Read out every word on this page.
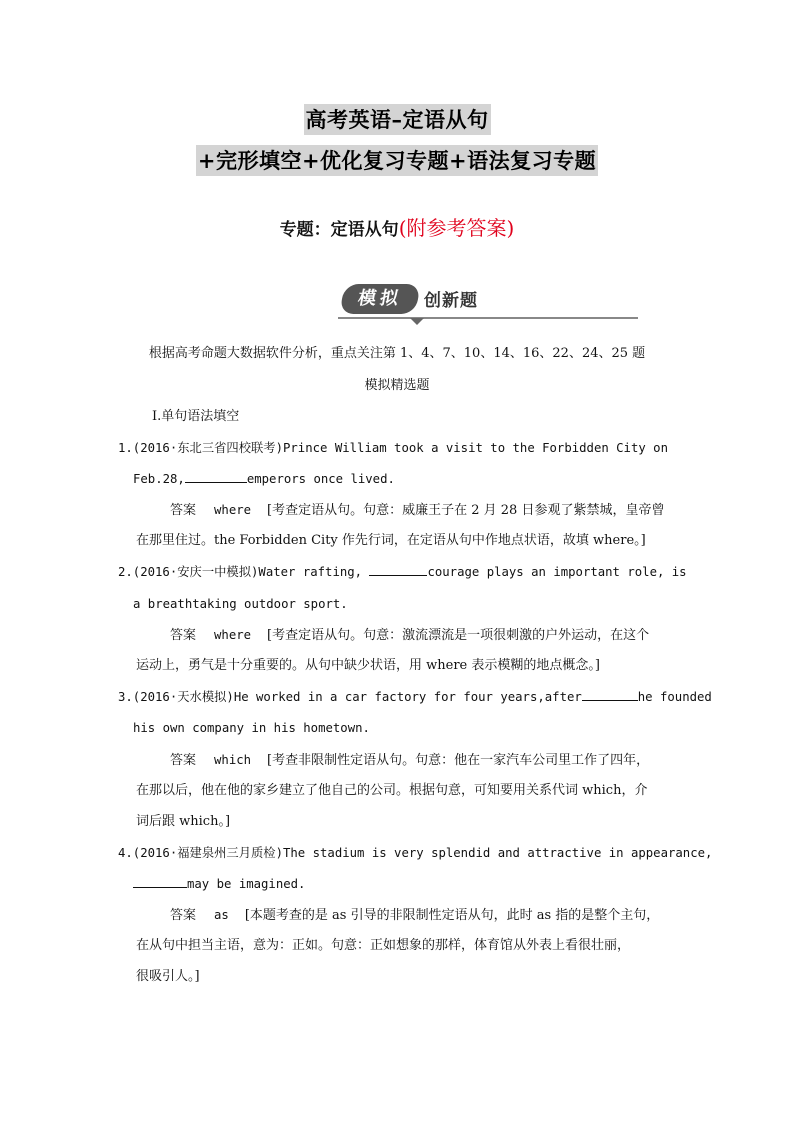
高考英语–定语从句
+完形填空+优化复习专题+语法复习专题
专题：定语从句(附参考答案)
模拟	创新题
根据高考命题大数据软件分析，重点关注第 1、4、7、10、14、16、22、24、25 题
模拟精选题
Ⅰ.单句语法填空
1.(2016·东北三省四校联考)Prince William took a visit to the Forbidden City on
Feb.28,	emperors once lived.
答案 where [考查定语从句。句意：威廉王子在 2 月 28 日参观了紫禁城，皇帝曾
在那里住过。the Forbidden City 作先行词，在定语从句中作地点状语，故填 where。]
2.(2016·安庆一中模拟)Water rafting,	courage plays an important role, is
a breathtaking outdoor sport.
答案 where [考查定语从句。句意：激流漂流是一项很刺激的户外运动，在这个
运动上，勇气是十分重要的。从句中缺少状语，用 where 表示模糊的地点概念。]
3.(2016·天水模拟)He worked in a car factory for four years,after	he founded
his own company in his hometown.
答案 which [考查非限制性定语从句。句意：他在一家汽车公司里工作了四年，
在那以后，他在他的家乡建立了他自己的公司。根据句意，可知要用关系代词 which，介
词后跟 which。]
4.(2016·福建泉州三月质检)The stadium is very splendid and attractive in appearance,
may be imagined.
答案 as [本题考查的是 as 引导的非限制性定语从句，此时 as 指的是整个主句，
在从句中担当主语，意为：正如。句意：正如想象的那样，体育馆从外表上看很壮丽，
很吸引人。]
